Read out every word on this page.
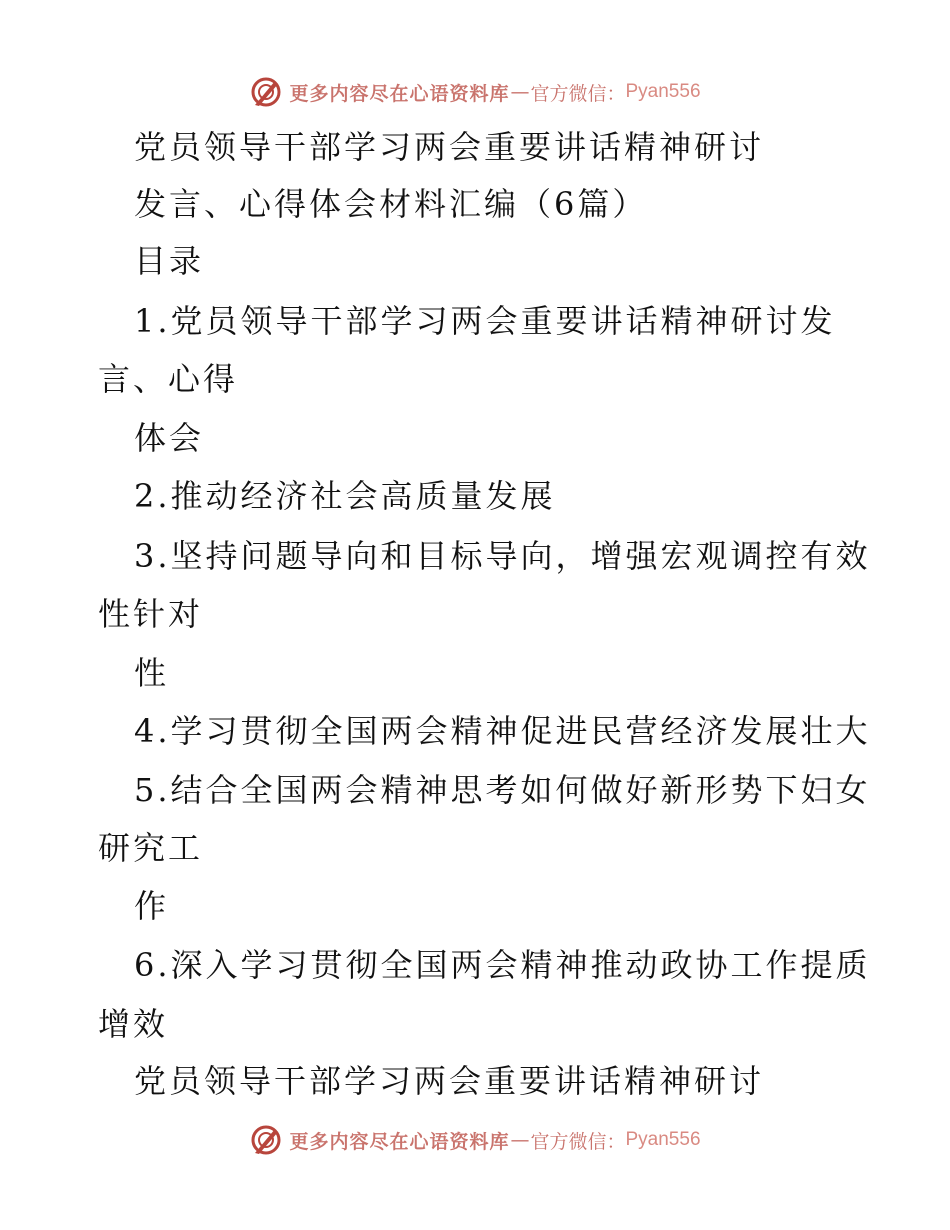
更多内容尽在心语资料库 — 官方微信： Pyan556
党员领导干部学习两会重要讲话精神研讨
发言、心得体会材料汇编（6篇）
目录
1.党员领导干部学习两会重要讲话精神研讨发
言、心得
体会
2.推动经济社会高质量发展
3.坚持问题导向和目标导向，增强宏观调控有效
性针对
性
4.学习贯彻全国两会精神促进民营经济发展壮大
5.结合全国两会精神思考如何做好新形势下妇女
研究工
作
6.深入学习贯彻全国两会精神推动政协工作提质
增效
党员领导干部学习两会重要讲话精神研讨
更多内容尽在心语资料库 — 官方微信： Pyan556
